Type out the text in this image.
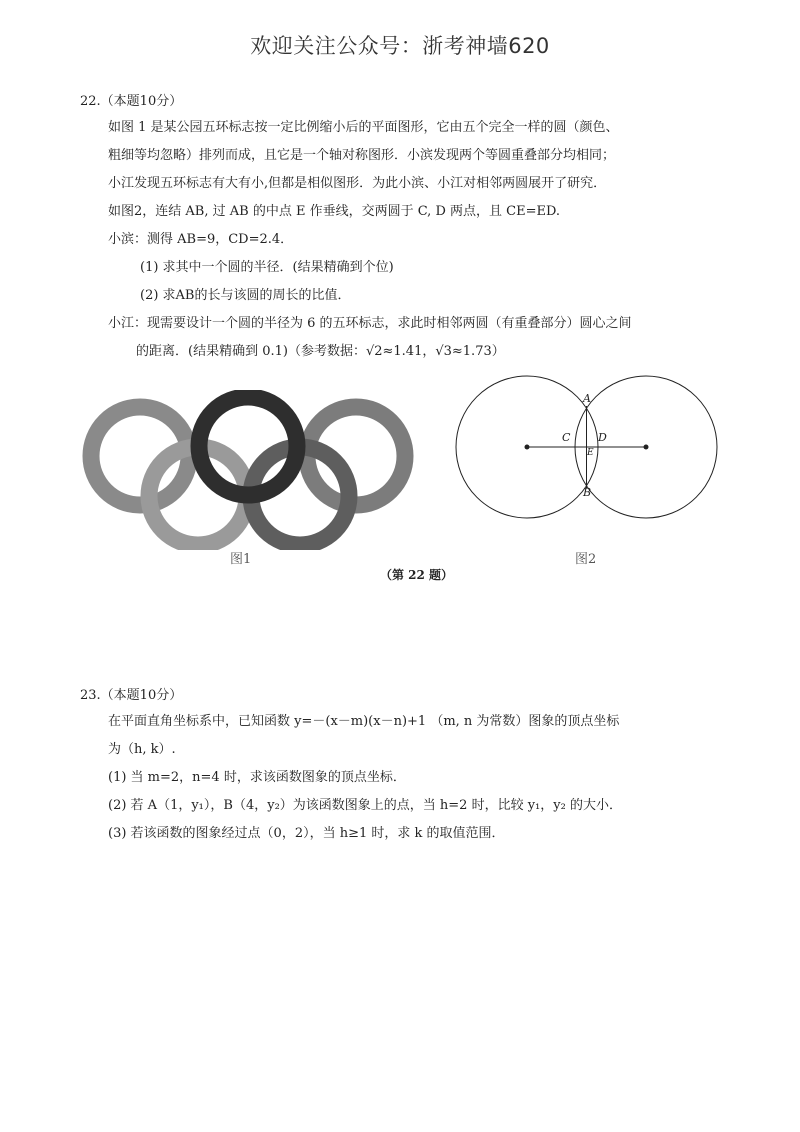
欢迎关注公众号：浙考神墙620
22.（本题10分）
如图 1 是某公园五环标志按一定比例缩小后的平面图形，它由五个完全一样的圆（颜色、
粗细等均忽略）排列而成，且它是一个轴对称图形．小滨发现两个等圆重叠部分均相同；
小江发现五环标志有大有小,但都是相似图形．为此小滨、小江对相邻两圆展开了研究．
如图2，连结 AB, 过 AB 的中点 E 作垂线，交两圆于 C, D 两点，且 CE=ED.
小滨：测得 AB=9，CD=2.4．
(1) 求其中一个圆的半径．(结果精确到个位)
(2) 求AB的长与该圆的周长的比值．
小江：现需要设计一个圆的半径为 6 的五环标志，求此时相邻两圆（有重叠部分）圆心之间
的距离．(结果精确到 0.1)（参考数据：√2≈1.41，√3≈1.73）
图1
A
B
C	D
E
图2
（第 22 题）
23.（本题10分）
在平面直角坐标系中，已知函数 y=－(x－m)(x－n)+1 （m, n 为常数）图象的顶点坐标
为（h, k）.
(1) 当 m=2，n=4 时，求该函数图象的顶点坐标．
(2) 若 A（1，y₁），B（4，y₂）为该函数图象上的点，当 h=2 时，比较 y₁，y₂ 的大小．
(3) 若该函数的图象经过点（0，2），当 h≥1 时，求 k 的取值范围．
